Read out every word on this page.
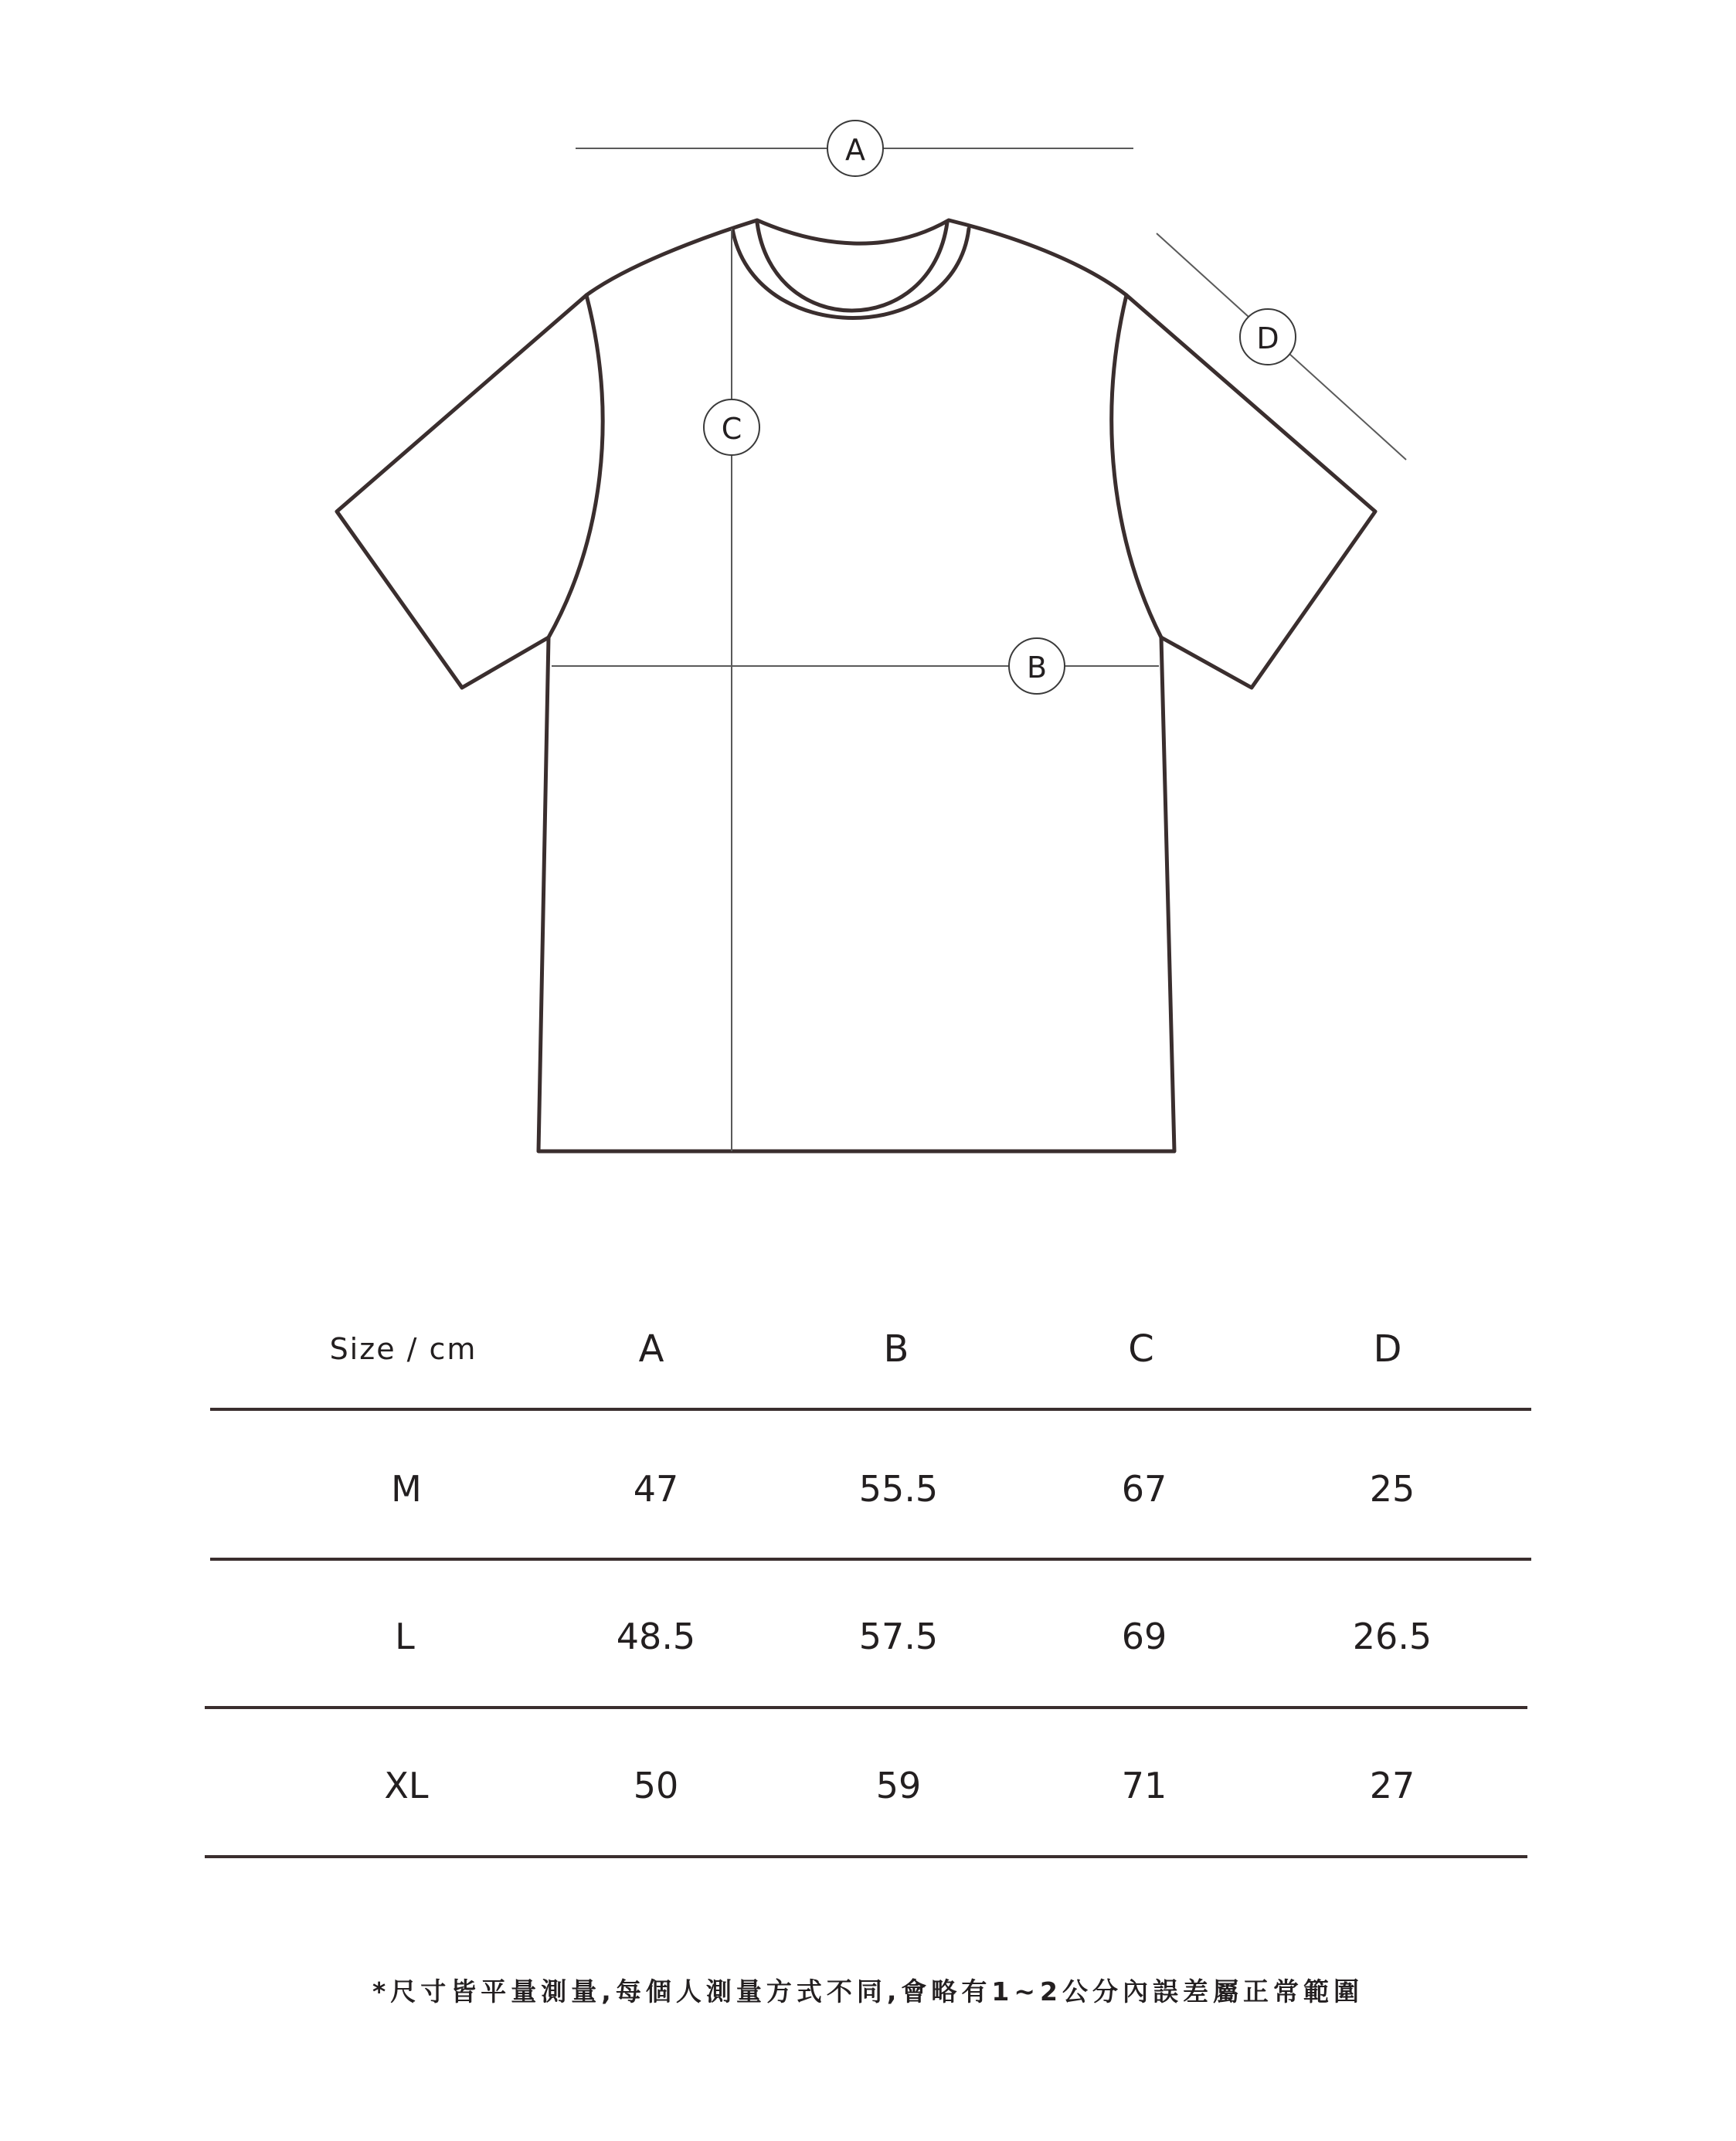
A
C
B
D
Size / cm	A	B	C	D
M	47	55.5	67	25
L	48.5	57.5	69	26.5
XL	50	59	71	27
*尺寸皆平量測量,每個人測量方式不同,會略有1~2公分內誤差屬正常範圍
